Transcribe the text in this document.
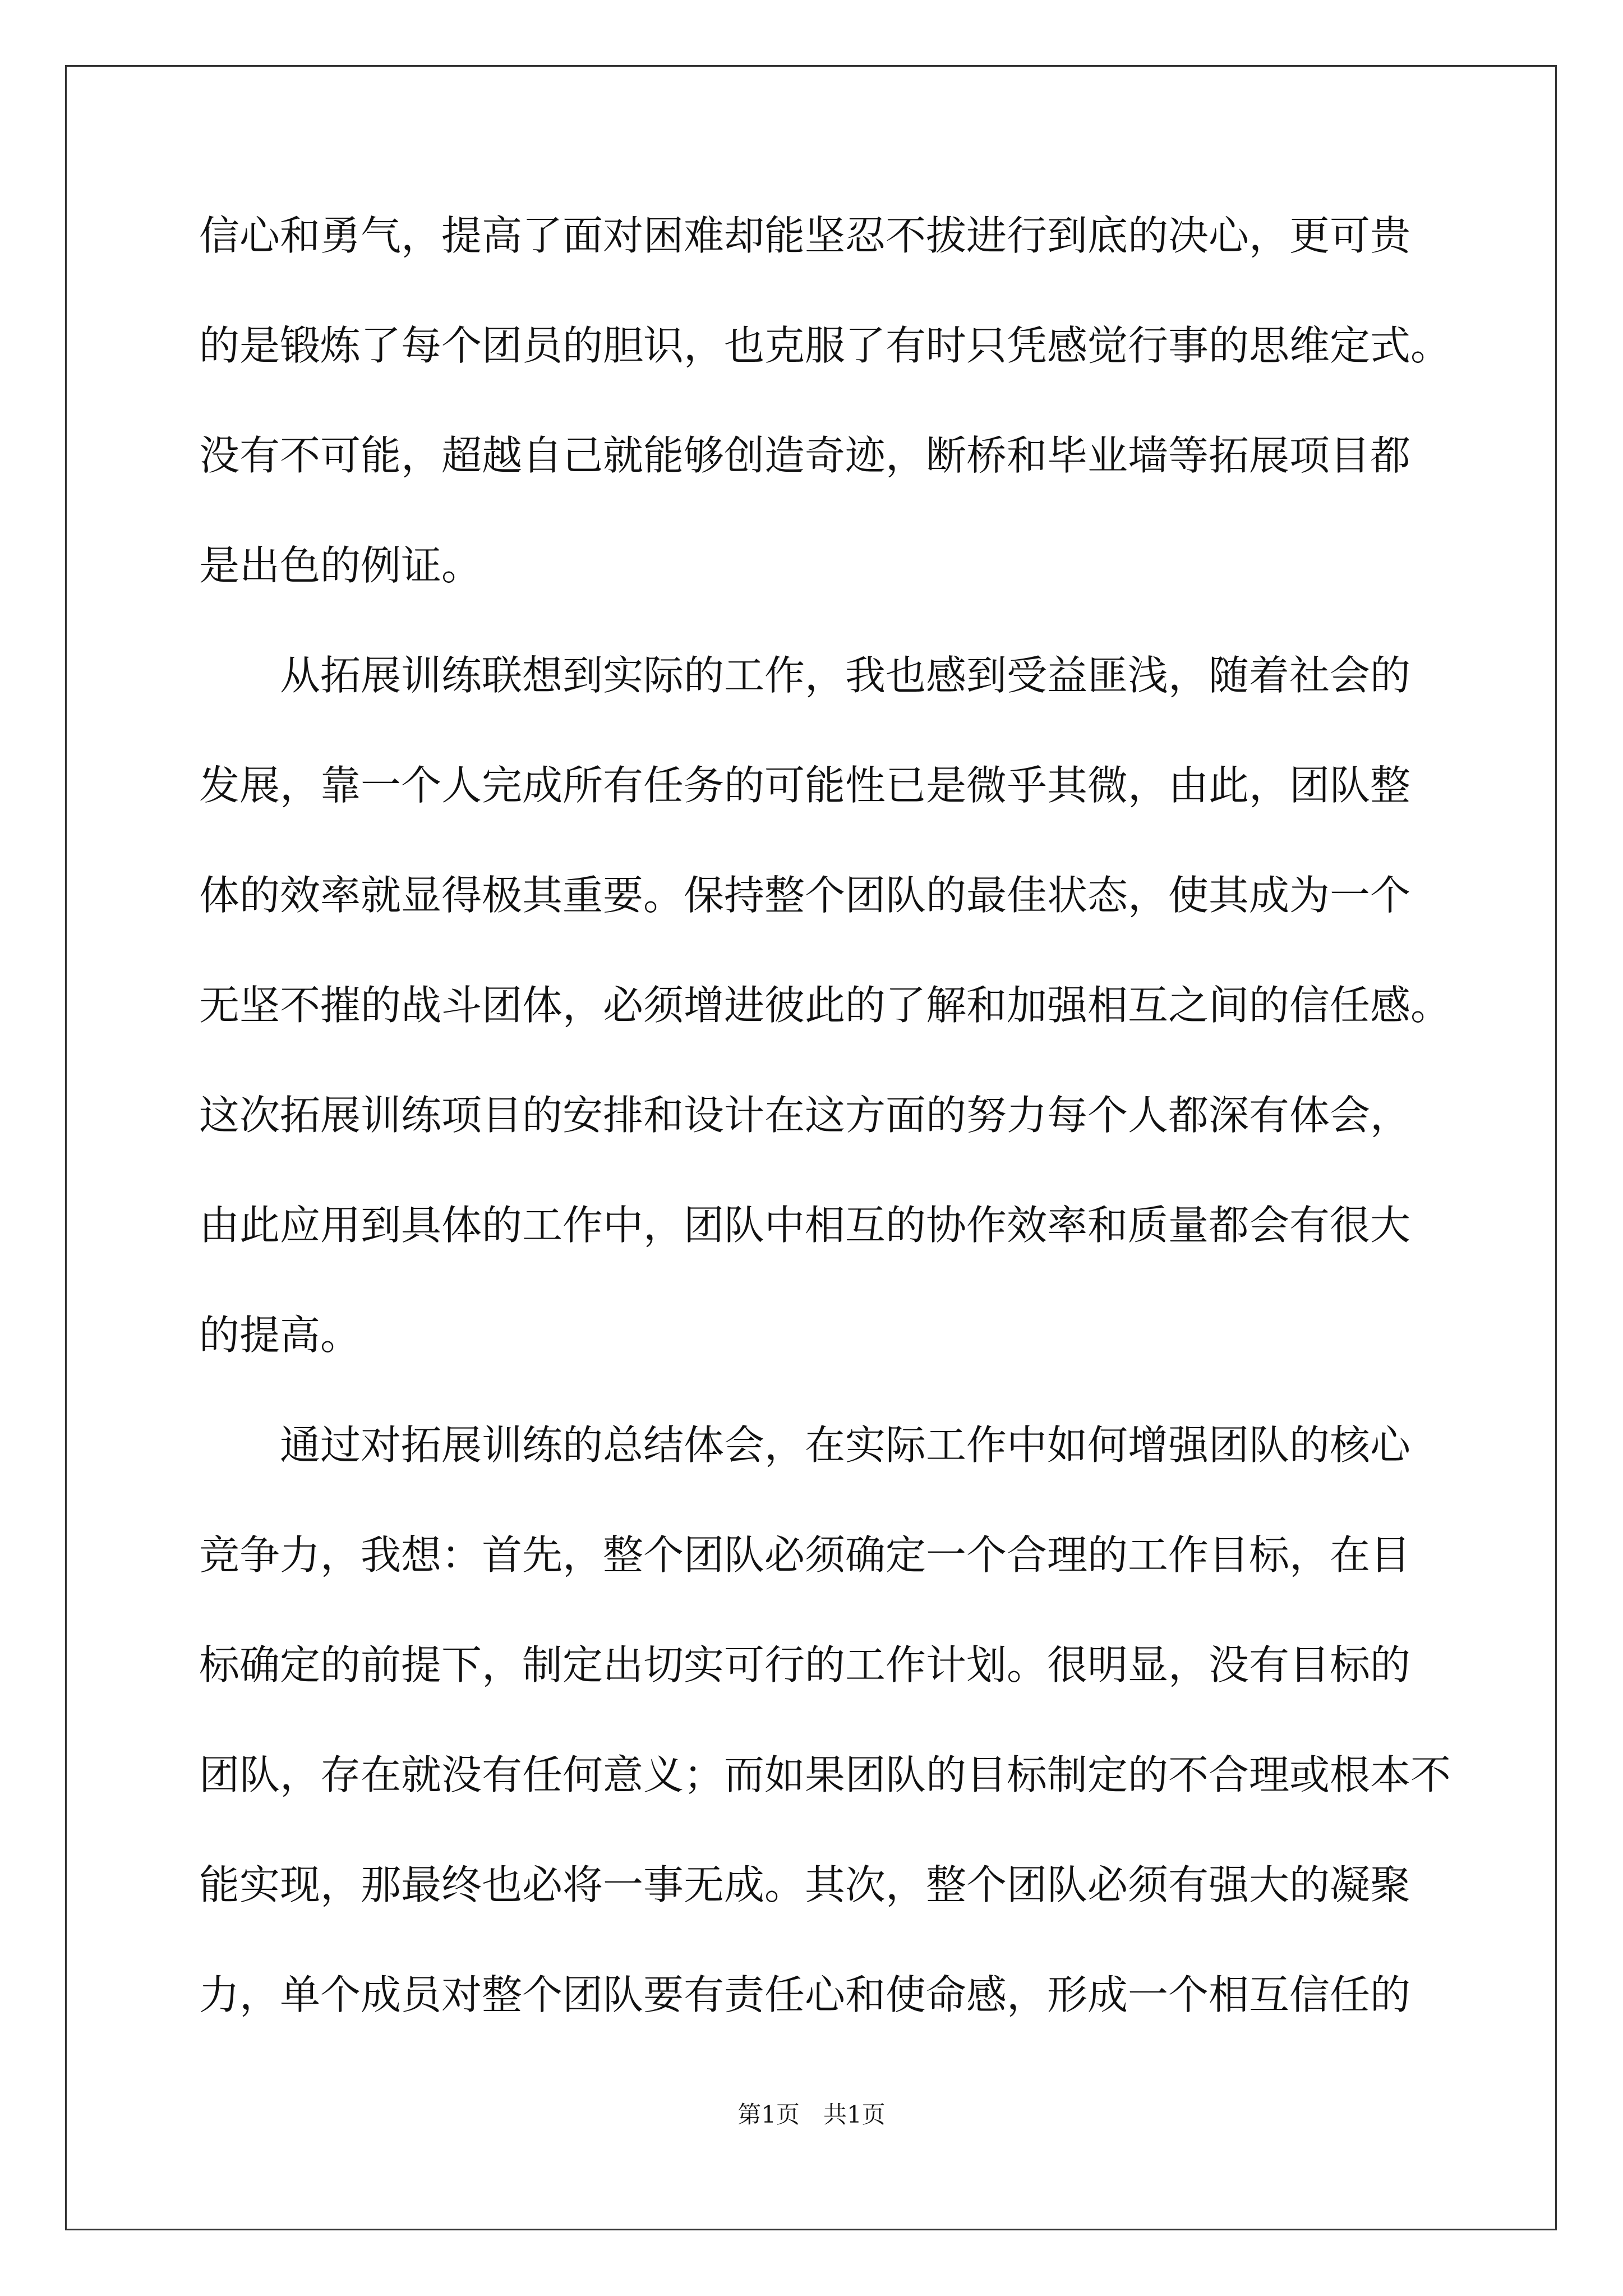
信心和勇气，提高了面对困难却能坚忍不拔进行到底的决心，更可贵
的是锻炼了每个团员的胆识，也克服了有时只凭感觉行事的思维定式。
没有不可能，超越自己就能够创造奇迹，断桥和毕业墙等拓展项目都
是出色的例证。
从拓展训练联想到实际的工作，我也感到受益匪浅，随着社会的
发展，靠一个人完成所有任务的可能性已是微乎其微，由此，团队整
体的效率就显得极其重要。保持整个团队的最佳状态，使其成为一个
无坚不摧的战斗团体，必须增进彼此的了解和加强相互之间的信任感。
这次拓展训练项目的安排和设计在这方面的努力每个人都深有体会，
由此应用到具体的工作中，团队中相互的协作效率和质量都会有很大
的提高。
通过对拓展训练的总结体会，在实际工作中如何增强团队的核心
竞争力，我想：首先，整个团队必须确定一个合理的工作目标，在目
标确定的前提下，制定出切实可行的工作计划。很明显，没有目标的
团队，存在就没有任何意义；而如果团队的目标制定的不合理或根本不
能实现，那最终也必将一事无成。其次，整个团队必须有强大的凝聚
力，单个成员对整个团队要有责任心和使命感，形成一个相互信任的
第1页　共1页
